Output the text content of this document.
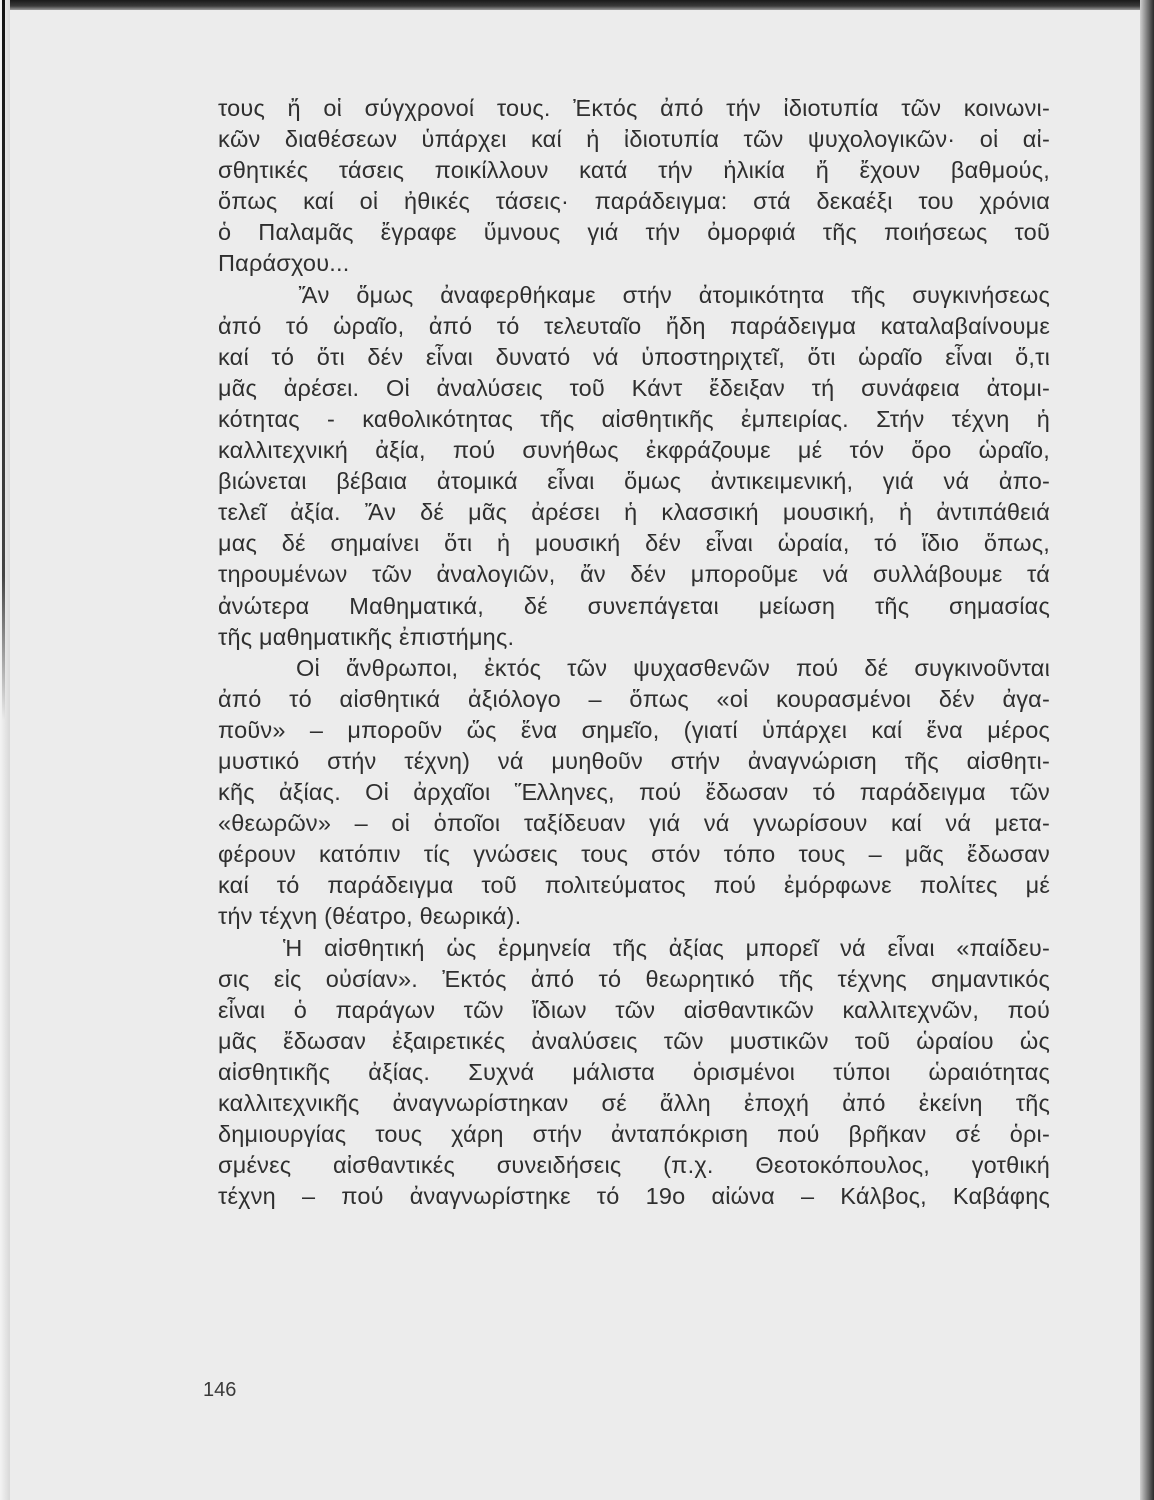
τους ἤ οἱ σύγχρονοί τους. Ἐκτός ἀπό τήν ἰδιοτυπία τῶν κοινωνι-
κῶν διαθέσεων ὑπάρχει καί ἡ ἰδιοτυπία τῶν ψυχολογικῶν· οἱ αἰ-
σθητικές τάσεις ποικίλλουν κατά τήν ἡλικία ἤ ἔχουν βαθμούς,
ὅπως καί οἱ ἠθικές τάσεις· παράδειγμα: στά δεκαέξι του χρόνια
ὁ Παλαμᾶς ἔγραφε ὕμνους γιά τήν ὀμορφιά τῆς ποιήσεως τοῦ
Παράσχου...
Ἄν ὅμως ἀναφερθήκαμε στήν ἀτομικότητα τῆς συγκινήσεως
ἀπό τό ὡραῖο, ἀπό τό τελευταῖο ἤδη παράδειγμα καταλαβαίνουμε
καί τό ὅτι δέν εἶναι δυνατό νά ὑποστηριχτεῖ, ὅτι ὡραῖο εἶναι ὅ,τι
μᾶς ἀρέσει. Οἱ ἀναλύσεις τοῦ Κάντ ἔδειξαν τή συνάφεια ἀτομι-
κότητας - καθολικότητας τῆς αἰσθητικῆς ἐμπειρίας. Στήν τέχνη ἡ
καλλιτεχνική ἀξία, πού συνήθως ἐκφράζουμε μέ τόν ὅρο ὡραῖο,
βιώνεται βέβαια ἀτομικά εἶναι ὅμως ἀντικειμενική, γιά νά ἀπο-
τελεῖ ἀξία. Ἄν δέ μᾶς ἀρέσει ἡ κλασσική μουσική, ἡ ἀντιπάθειά
μας δέ σημαίνει ὅτι ἡ μουσική δέν εἶναι ὡραία, τό ἴδιο ὅπως,
τηρουμένων τῶν ἀναλογιῶν, ἄν δέν μποροῦμε νά συλλάβουμε τά
ἀνώτερα Μαθηματικά, δέ συνεπάγεται μείωση τῆς σημασίας
τῆς μαθηματικῆς ἐπιστήμης.
Οἱ ἄνθρωποι, ἐκτός τῶν ψυχασθενῶν πού δέ συγκινοῦνται
ἀπό τό αἰσθητικά ἀξιόλογο – ὅπως «οἱ κουρασμένοι δέν ἀγα-
ποῦν» – μποροῦν ὥς ἕνα σημεῖο, (γιατί ὑπάρχει καί ἕνα μέρος
μυστικό στήν τέχνη) νά μυηθοῦν στήν ἀναγνώριση τῆς αἰσθητι-
κῆς ἀξίας. Οἱ ἀρχαῖοι Ἕλληνες, πού ἔδωσαν τό παράδειγμα τῶν
«θεωρῶν» – οἱ ὁποῖοι ταξίδευαν γιά νά γνωρίσουν καί νά μετα-
φέρουν κατόπιν τίς γνώσεις τους στόν τόπο τους – μᾶς ἔδωσαν
καί τό παράδειγμα τοῦ πολιτεύματος πού ἐμόρφωνε πολίτες μέ
τήν τέχνη (θέατρο, θεωρικά).
Ἡ αἰσθητική ὡς ἑρμηνεία τῆς ἀξίας μπορεῖ νά εἶναι «παίδευ-
σις εἰς οὐσίαν». Ἐκτός ἀπό τό θεωρητικό τῆς τέχνης σημαντικός
εἶναι ὁ παράγων τῶν ἴδιων τῶν αἰσθαντικῶν καλλιτεχνῶν, πού
μᾶς ἔδωσαν ἐξαιρετικές ἀναλύσεις τῶν μυστικῶν τοῦ ὡραίου ὡς
αἰσθητικῆς ἀξίας. Συχνά μάλιστα ὁρισμένοι τύποι ὡραιότητας
καλλιτεχνικῆς ἀναγνωρίστηκαν σέ ἄλλη ἐποχή ἀπό ἐκείνη τῆς
δημιουργίας τους χάρη στήν ἀνταπόκριση πού βρῆκαν σέ ὁρι-
σμένες αἰσθαντικές συνειδήσεις (π.χ. Θεοτοκόπουλος, γοτθική
τέχνη – πού ἀναγνωρίστηκε τό 19ο αἰώνα – Κάλβος, Καβάφης
146
